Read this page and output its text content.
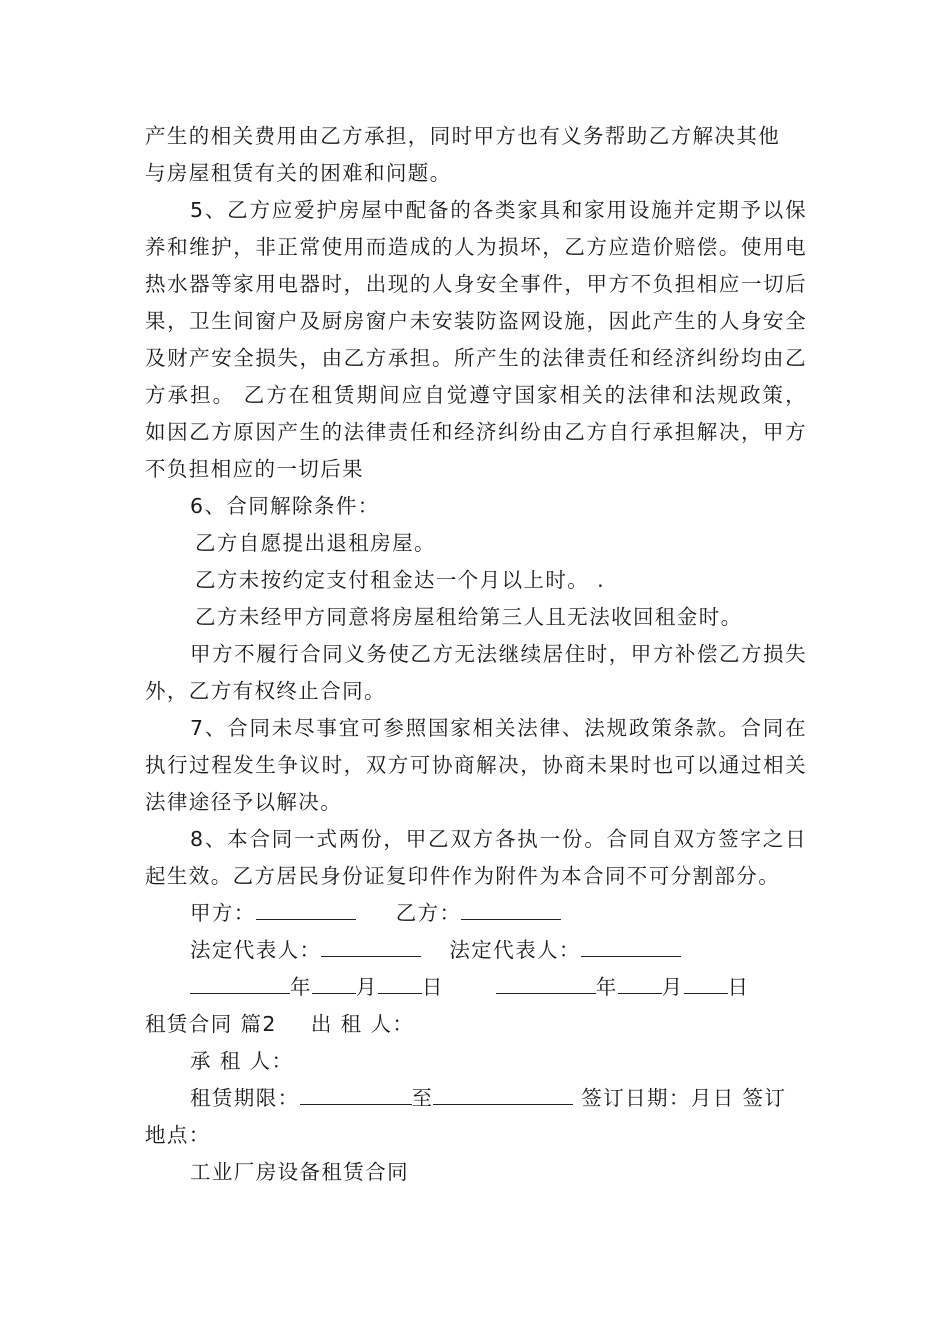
产生的相关费用由乙方承担，同时甲方也有义务帮助乙方解决其他
与房屋租赁有关的困难和问题。

5、乙方应爱护房屋中配备的各类家具和家用设施并定期予以保养和维护，非正常使用而造成的人为损坏，乙方应造价赔偿。使用电热水器等家用电器时，出现的人身安全事件，甲方不负担相应一切后果，卫生间窗户及厨房窗户未安装防盗网设施，因此产生的人身安全及财产安全损失，由乙方承担。所产生的法律责任和经济纠纷均由乙方承担。 乙方在租赁期间应自觉遵守国家相关的法律和法规政策，如因乙方原因产生的法律责任和经济纠纷由乙方自行承担解决，甲方不负担相应的一切后果

6、合同解除条件：

乙方自愿提出退租房屋。

乙方未按约定支付租金达一个月以上时。 .

乙方未经甲方同意将房屋租给第三人且无法收回租金时。

甲方不履行合同义务使乙方无法继续居住时，甲方补偿乙方损失外，乙方有权终止合同。

7、合同未尽事宜可参照国家相关法律、法规政策条款。合同在执行过程发生争议时，双方可协商解决，协商未果时也可以通过相关法律途径予以解决。

8、本合同一式两份，甲乙双方各执一份。合同自双方签字之日起生效。乙方居民身份证复印件作为附件为本合同不可分割部分。

甲方：	乙方：

法定代表人：	法定代表人：

年 月 日	年 月 日

租赁合同 篇2 出 租 人：

承 租 人：

租赁期限：	至	签订日期：月日 签订

地点：

工业厂房设备租赁合同
